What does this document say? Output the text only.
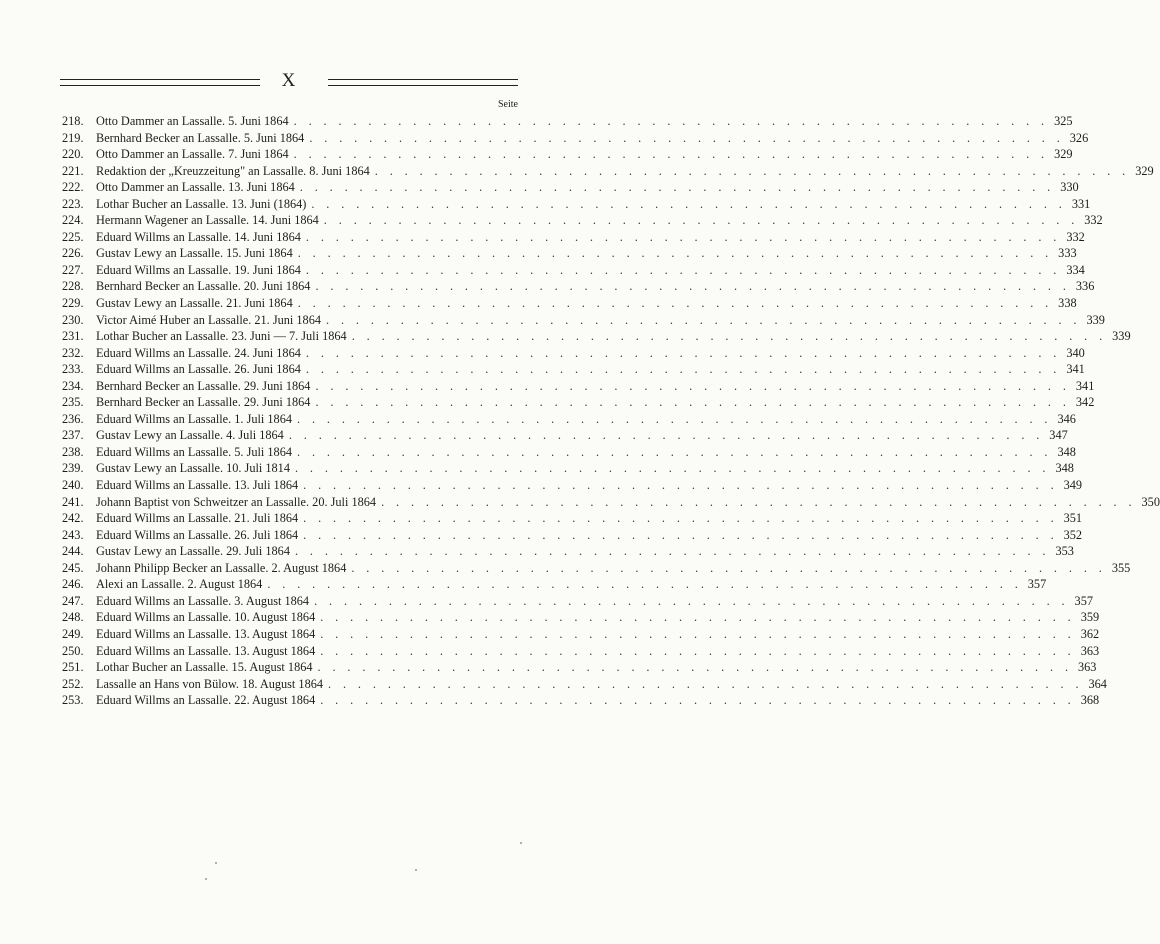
X
Seite
218.	Otto Dammer an Lassalle. 5. Juni 1864 . . . . . . . . . . . . . . . . . . . . . . . . . . . . . . . . . . . . . . . . . . . . . . . . . . . 325
219.	Bernhard Becker an Lassalle. 5. Juni 1864 . . . . . . . . . . . . . . . . . . . . . . . . . . . . . . . . . . . . . . . . . . . . . . . . . . . 326
220.	Otto Dammer an Lassalle. 7. Juni 1864 . . . . . . . . . . . . . . . . . . . . . . . . . . . . . . . . . . . . . . . . . . . . . . . . . . . 329
221.	Redaktion der „Kreuzzeitung" an Lassalle. 8. Juni 1864 . . . . . . . . . . . . . . . . . . . . . . . . . . . . . . . . . . . . . . . . . . . . . . . . . . . 329
222.	Otto Dammer an Lassalle. 13. Juni 1864 . . . . . . . . . . . . . . . . . . . . . . . . . . . . . . . . . . . . . . . . . . . . . . . . . . . 330
223.	Lothar Bucher an Lassalle. 13. Juni (1864) . . . . . . . . . . . . . . . . . . . . . . . . . . . . . . . . . . . . . . . . . . . . . . . . . . . 331
224.	Hermann Wagener an Lassalle. 14. Juni 1864 . . . . . . . . . . . . . . . . . . . . . . . . . . . . . . . . . . . . . . . . . . . . . . . . . . . 332
225.	Eduard Willms an Lassalle. 14. Juni 1864 . . . . . . . . . . . . . . . . . . . . . . . . . . . . . . . . . . . . . . . . . . . . . . . . . . . 332
226.	Gustav Lewy an Lassalle. 15. Juni 1864 . . . . . . . . . . . . . . . . . . . . . . . . . . . . . . . . . . . . . . . . . . . . . . . . . . . 333
227.	Eduard Willms an Lassalle. 19. Juni 1864 . . . . . . . . . . . . . . . . . . . . . . . . . . . . . . . . . . . . . . . . . . . . . . . . . . . 334
228.	Bernhard Becker an Lassalle. 20. Juni 1864 . . . . . . . . . . . . . . . . . . . . . . . . . . . . . . . . . . . . . . . . . . . . . . . . . . . 336
229.	Gustav Lewy an Lassalle. 21. Juni 1864 . . . . . . . . . . . . . . . . . . . . . . . . . . . . . . . . . . . . . . . . . . . . . . . . . . . 338
230.	Victor Aimé Huber an Lassalle. 21. Juni 1864 . . . . . . . . . . . . . . . . . . . . . . . . . . . . . . . . . . . . . . . . . . . . . . . . . . . 339
231.	Lothar Bucher an Lassalle. 23. Juni — 7. Juli 1864 . . . . . . . . . . . . . . . . . . . . . . . . . . . . . . . . . . . . . . . . . . . . . . . . . . . 339
232.	Eduard Willms an Lassalle. 24. Juni 1864 . . . . . . . . . . . . . . . . . . . . . . . . . . . . . . . . . . . . . . . . . . . . . . . . . . . 340
233.	Eduard Willms an Lassalle. 26. Juni 1864 . . . . . . . . . . . . . . . . . . . . . . . . . . . . . . . . . . . . . . . . . . . . . . . . . . . 341
234.	Bernhard Becker an Lassalle. 29. Juni 1864 . . . . . . . . . . . . . . . . . . . . . . . . . . . . . . . . . . . . . . . . . . . . . . . . . . . 341
235.	Bernhard Becker an Lassalle. 29. Juni 1864 . . . . . . . . . . . . . . . . . . . . . . . . . . . . . . . . . . . . . . . . . . . . . . . . . . . 342
236.	Eduard Willms an Lassalle. 1. Juli 1864 . . . . . . . . . . . . . . . . . . . . . . . . . . . . . . . . . . . . . . . . . . . . . . . . . . . 346
237.	Gustav Lewy an Lassalle. 4. Juli 1864 . . . . . . . . . . . . . . . . . . . . . . . . . . . . . . . . . . . . . . . . . . . . . . . . . . . 347
238.	Eduard Willms an Lassalle. 5. Juli 1864 . . . . . . . . . . . . . . . . . . . . . . . . . . . . . . . . . . . . . . . . . . . . . . . . . . . 348
239.	Gustav Lewy an Lassalle. 10. Juli 1814 . . . . . . . . . . . . . . . . . . . . . . . . . . . . . . . . . . . . . . . . . . . . . . . . . . . 348
240.	Eduard Willms an Lassalle. 13. Juli 1864 . . . . . . . . . . . . . . . . . . . . . . . . . . . . . . . . . . . . . . . . . . . . . . . . . . . 349
241.	Johann Baptist von Schweitzer an Lassalle. 20. Juli 1864 . . . . . . . . . . . . . . . . . . . . . . . . . . . . . . . . . . . . . . . . . . . . . . . . . . . 350
242.	Eduard Willms an Lassalle. 21. Juli 1864 . . . . . . . . . . . . . . . . . . . . . . . . . . . . . . . . . . . . . . . . . . . . . . . . . . . 351
243.	Eduard Willms an Lassalle. 26. Juli 1864 . . . . . . . . . . . . . . . . . . . . . . . . . . . . . . . . . . . . . . . . . . . . . . . . . . . 352
244.	Gustav Lewy an Lassalle. 29. Juli 1864 . . . . . . . . . . . . . . . . . . . . . . . . . . . . . . . . . . . . . . . . . . . . . . . . . . . 353
245.	Johann Philipp Becker an Lassalle. 2. August 1864 . . . . . . . . . . . . . . . . . . . . . . . . . . . . . . . . . . . . . . . . . . . . . . . . . . . 355
246.	Alexi an Lassalle. 2. August 1864 . . . . . . . . . . . . . . . . . . . . . . . . . . . . . . . . . . . . . . . . . . . . . . . . . . . 357
247.	Eduard Willms an Lassalle. 3. August 1864 . . . . . . . . . . . . . . . . . . . . . . . . . . . . . . . . . . . . . . . . . . . . . . . . . . . 357
248.	Eduard Willms an Lassalle. 10. August 1864 . . . . . . . . . . . . . . . . . . . . . . . . . . . . . . . . . . . . . . . . . . . . . . . . . . . 359
249.	Eduard Willms an Lassalle. 13. August 1864 . . . . . . . . . . . . . . . . . . . . . . . . . . . . . . . . . . . . . . . . . . . . . . . . . . . 362
250.	Eduard Willms an Lassalle. 13. August 1864 . . . . . . . . . . . . . . . . . . . . . . . . . . . . . . . . . . . . . . . . . . . . . . . . . . . 363
251.	Lothar Bucher an Lassalle. 15. August 1864 . . . . . . . . . . . . . . . . . . . . . . . . . . . . . . . . . . . . . . . . . . . . . . . . . . . 363
252.	Lassalle an Hans von Bülow. 18. August 1864 . . . . . . . . . . . . . . . . . . . . . . . . . . . . . . . . . . . . . . . . . . . . . . . . . . . 364
253.	Eduard Willms an Lassalle. 22. August 1864 . . . . . . . . . . . . . . . . . . . . . . . . . . . . . . . . . . . . . . . . . . . . . . . . . . . 368
